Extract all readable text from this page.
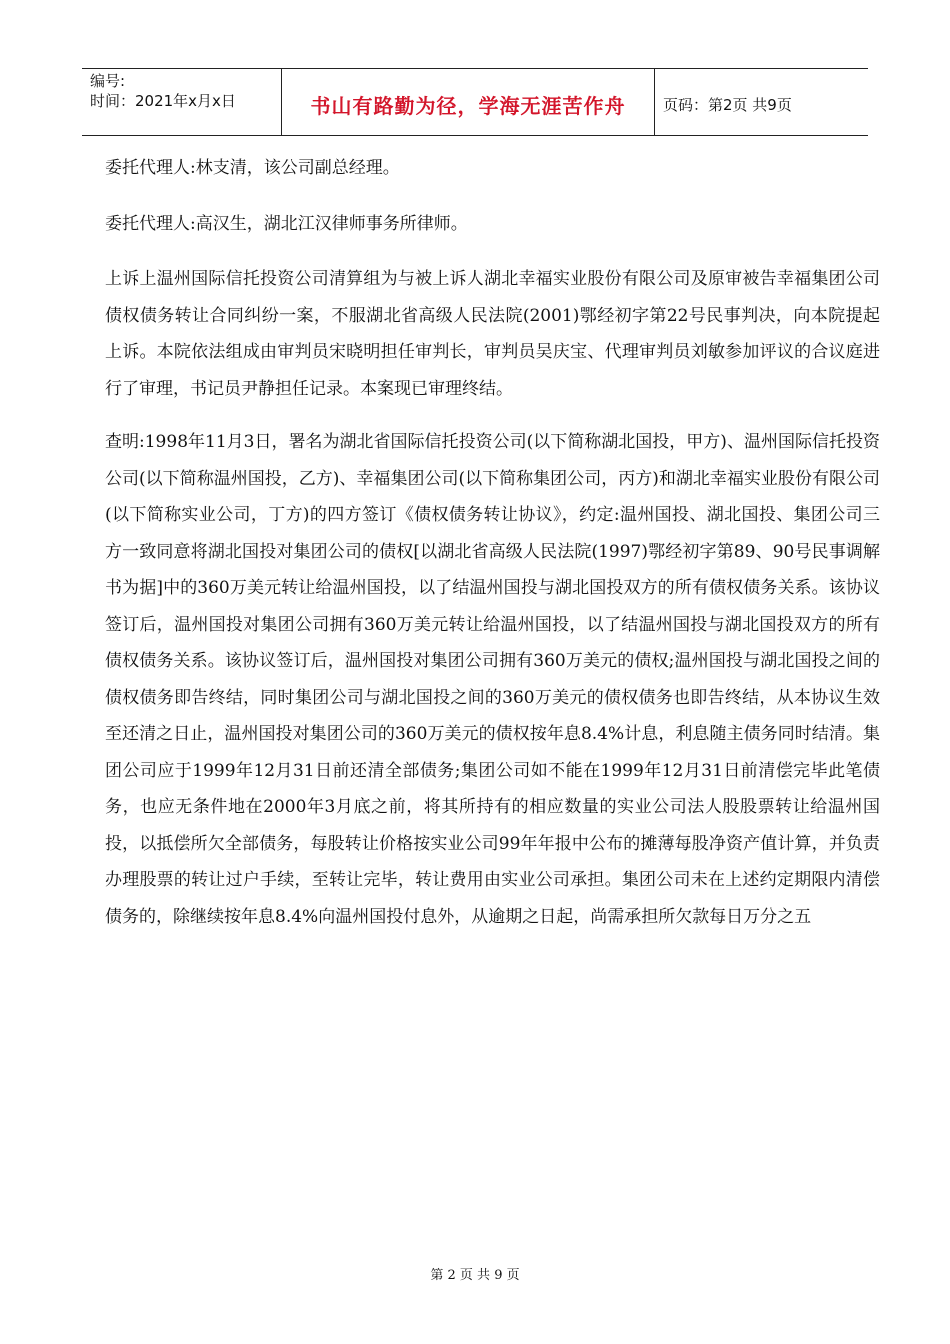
编号:
时间：2021年x月x日	书山有路勤为径，学海无涯苦作舟	页码：第2页 共9页

委托代理人:林支清，该公司副总经理。

委托代理人:高汉生，湖北江汉律师事务所律师。

上诉上温州国际信托投资公司清算组为与被上诉人湖北幸福实业股份有限公司及原审被告幸福集团公司债权债务转让合同纠纷一案，不服湖北省高级人民法院(2001)鄂经初字第22号民事判决，向本院提起上诉。本院依法组成由审判员宋晓明担任审判长，审判员吴庆宝、代理审判员刘敏参加评议的合议庭进行了审理，书记员尹静担任记录。本案现已审理终结。

查明:1998年11月3日，署名为湖北省国际信托投资公司(以下简称湖北国投，甲方)、温州国际信托投资公司(以下简称温州国投，乙方)、幸福集团公司(以下简称集团公司，丙方)和湖北幸福实业股份有限公司(以下简称实业公司，丁方)的四方签订《债权债务转让协议》，约定:温州国投、湖北国投、集团公司三方一致同意将湖北国投对集团公司的债权[以湖北省高级人民法院(1997)鄂经初字第89、90号民事调解书为据]中的360万美元转让给温州国投，以了结温州国投与湖北国投双方的所有债权债务关系。该协议签订后，温州国投对集团公司拥有360万美元转让给温州国投，以了结温州国投与湖北国投双方的所有债权债务关系。该协议签订后，温州国投对集团公司拥有360万美元的债权;温州国投与湖北国投之间的债权债务即告终结，同时集团公司与湖北国投之间的360万美元的债权债务也即告终结，从本协议生效至还清之日止，温州国投对集团公司的360万美元的债权按年息8.4%计息，利息随主债务同时结清。集团公司应于1999年12月31日前还清全部债务;集团公司如不能在1999年12月31日前清偿完毕此笔债务，也应无条件地在2000年3月底之前，将其所持有的相应数量的实业公司法人股股票转让给温州国投，以抵偿所欠全部债务，每股转让价格按实业公司99年年报中公布的摊薄每股净资产值计算，并负责办理股票的转让过户手续，至转让完毕，转让费用由实业公司承担。集团公司未在上述约定期限内清偿债务的，除继续按年息8.4%向温州国投付息外，从逾期之日起，尚需承担所欠款每日万分之五

第 2 页 共 9 页
